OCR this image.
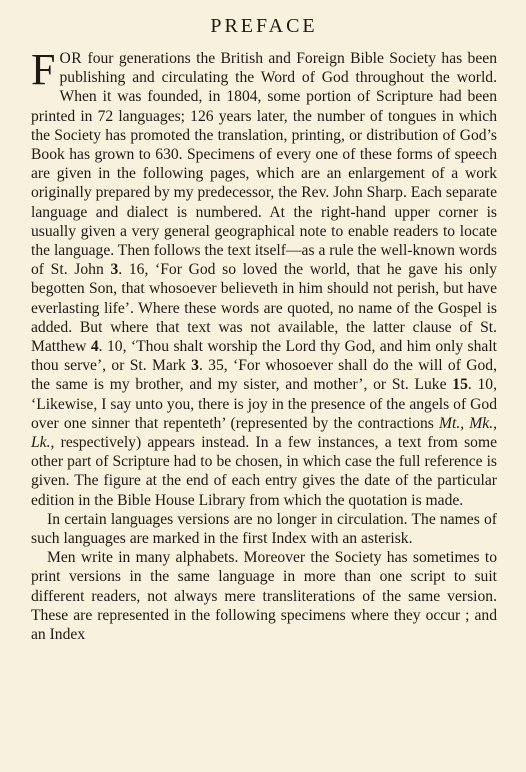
PREFACE

FOR four generations the British and Foreign Bible Society has been publishing and circulating the Word of God throughout the world. When it was founded, in 1804, some portion of Scripture had been printed in 72 languages; 126 years later, the number of tongues in which the Society has promoted the translation, printing, or distribution of God’s Book has grown to 630. Specimens of every one of these forms of speech are given in the following pages, which are an enlargement of a work originally prepared by my predecessor, the Rev. John Sharp. Each separate language and dialect is numbered. At the right-hand upper corner is usually given a very general geographical note to enable readers to locate the language. Then follows the text itself—as a rule the well-known words of St. John 3. 16, ‘For God so loved the world, that he gave his only begotten Son, that whosoever believeth in him should not perish, but have everlasting life’. Where these words are quoted, no name of the Gospel is added. But where that text was not available, the latter clause of St. Matthew 4. 10, ‘Thou shalt worship the Lord thy God, and him only shalt thou serve’, or St. Mark 3. 35, ‘For whosoever shall do the will of God, the same is my brother, and my sister, and mother’, or St. Luke 15. 10, ‘Likewise, I say unto you, there is joy in the presence of the angels of God over one sinner that repenteth’ (represented by the contractions Mt., Mk., Lk., respectively) appears instead. In a few instances, a text from some other part of Scripture had to be chosen, in which case the full reference is given. The figure at the end of each entry gives the date of the particular edition in the Bible House Library from which the quotation is made.

In certain languages versions are no longer in circulation. The names of such languages are marked in the first Index with an asterisk.

Men write in many alphabets. Moreover the Society has sometimes to print versions in the same language in more than one script to suit different readers, not always mere transliterations of the same version. These are represented in the following specimens where they occur ; and an Index
